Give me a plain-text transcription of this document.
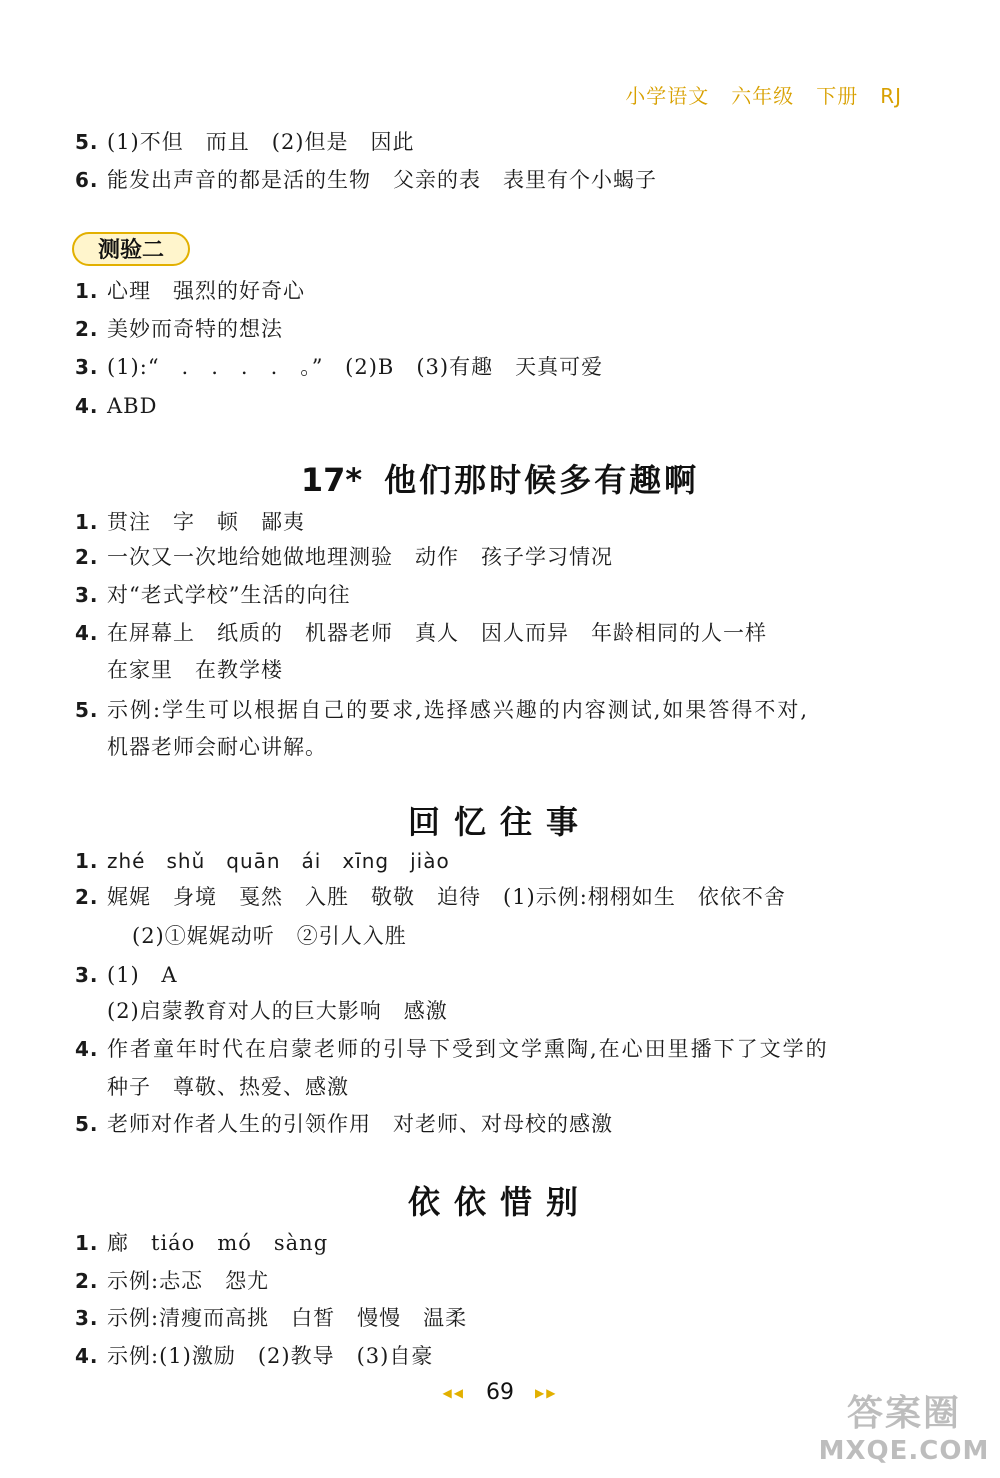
小学语文 六年级 下册 RJ
5. (1)不但　而且　(2)但是　因此
6. 能发出声音的都是活的生物　父亲的表　表里有个小蝎子
测验二
1. 心理　强烈的好奇心
2. 美妙而奇特的想法
3. (1):“　.　.　.　.　。” (2)B　(3)有趣　天真可爱
4. ABD
17* 他们那时候多有趣啊
1. 贯注　字　顿　鄙夷
2. 一次又一次地给她做地理测验　动作　孩子学习情况
3. 对“老式学校”生活的向往
4. 在屏幕上　纸质的　机器老师　真人　因人而异　年龄相同的人一样
在家里　在教学楼
5. 示例:学生可以根据自己的要求,选择感兴趣的内容测试,如果答得不对,
机器老师会耐心讲解。
回忆往事
1. zhé　shǔ　quān　ái　xīng　jiào
2. 娓娓　身境　戛然　入胜　敬敬　迫待　(1)示例:栩栩如生　依依不舍
(2)①娓娓动听　②引人入胜
3. (1) A
(2)启蒙教育对人的巨大影响　感激
4. 作者童年时代在启蒙老师的引导下受到文学熏陶,在心田里播下了文学的
种子　尊敬、热爱、感激
5. 老师对作者人生的引领作用　对老师、对母校的感激
依依惜别
1. 廊　tiáo　mó　sàng
2. 示例:忐忑　怨尤
3. 示例:清瘦而高挑　白皙　慢慢　温柔
4. 示例:(1)激励　(2)教导　(3)自豪
◀◀ 69 ▶▶	答案圈
MXQE.COM
